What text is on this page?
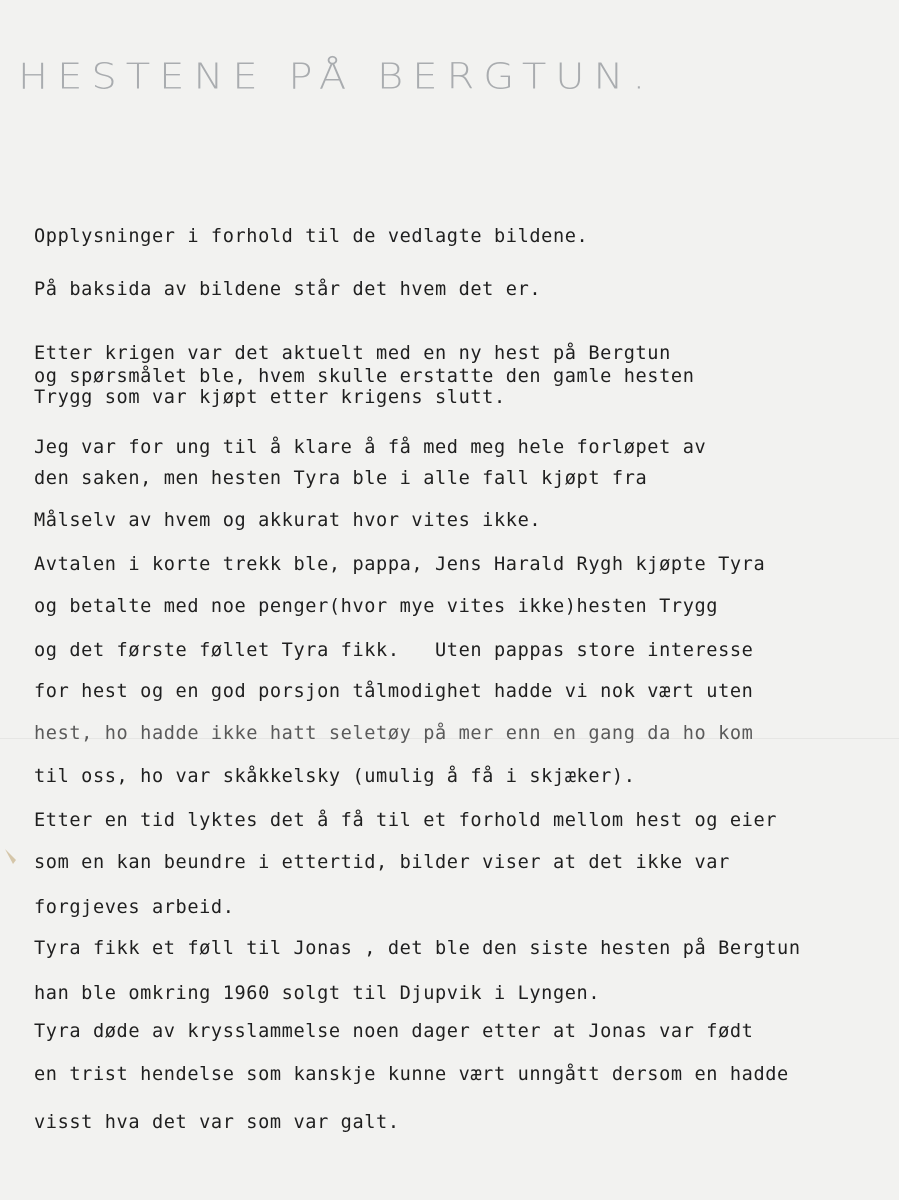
HESTENE PÅ BERGTUN.
Opplysninger i forhold til de vedlagte bildene.
På baksida av bildene står det hvem det er.
Etter krigen var det aktuelt med en ny hest på Bergtun
og spørsmålet ble, hvem skulle erstatte den gamle hesten
Trygg som var kjøpt etter krigens slutt.
Jeg var for ung til å klare å få med meg hele forløpet av
den saken, men hesten Tyra ble i alle fall kjøpt fra
Målselv av hvem og akkurat hvor vites ikke.
Avtalen i korte trekk ble, pappa, Jens Harald Rygh kjøpte Tyra
og betalte med noe penger(hvor mye vites ikke)hesten Trygg
og det første føllet Tyra fikk.   Uten pappas store interesse
for hest og en god porsjon tålmodighet hadde vi nok vært uten
hest, ho hadde ikke hatt seletøy på mer enn en gang da ho kom
til oss, ho var skåkkelsky (umulig å få i skjæker).
Etter en tid lyktes det å få til et forhold mellom hest og eier
som en kan beundre i ettertid, bilder viser at det ikke var
forgjeves arbeid.
Tyra fikk et føll til Jonas , det ble den siste hesten på Bergtun
han ble omkring 1960 solgt til Djupvik i Lyngen.
Tyra døde av krysslammelse noen dager etter at Jonas var født
en trist hendelse som kanskje kunne vært unngått dersom en hadde
visst hva det var som var galt.
